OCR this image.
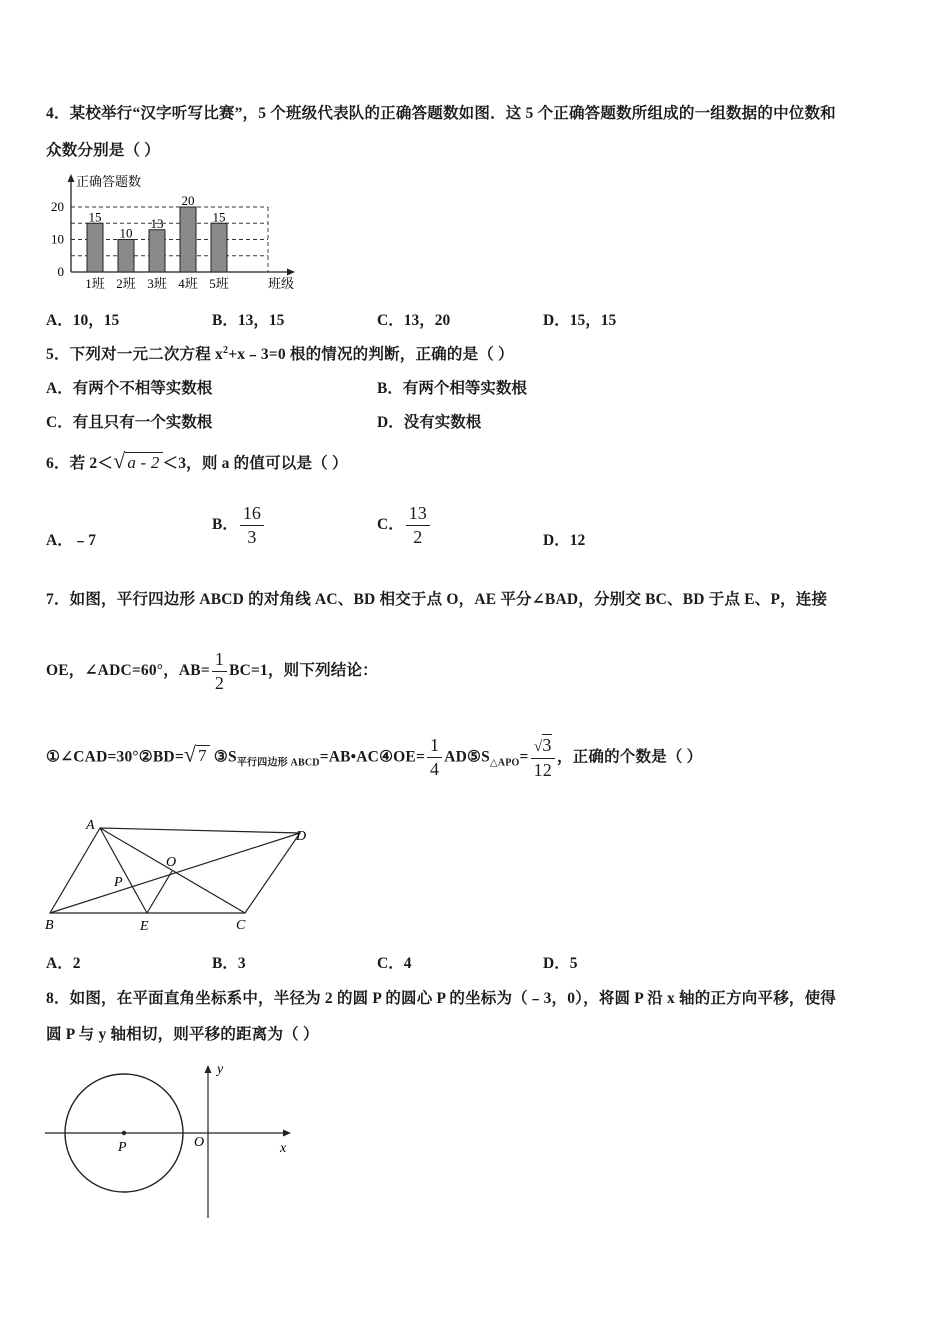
4．某校举行“汉字听写比赛”，5 个班级代表队的正确答题数如图．这 5 个正确答题数所组成的一组数据的中位数和
众数分别是（ ）
15
10
13
20
15
1班 2班 3班 4班 5班
0
10
20
正确答题数
班级
A．10，15	B．13，15	C．13，20	D．15，15
5．下列对一元二次方程 $x^2+x﹣3=0$ 根的情况的判断，正确的是（ ）
A．有两个不相等实数根	B．有两个相等实数根
C．有且只有一个实数根	D．没有实数根
6．若 2＜√ a - 2 ＜3，则 a 的值可以是（ ）
A．﹣7
B． $\frac{16}{3}$	C． $\frac{13}{2}$	D．12
7．如图，平行四边形 ABCD 的对角线 AC、BD 相交于点 O，AE 平分∠BAD，分别交 BC、BD 于点 E、P，连接
OE，∠ADC=60°，$AB= \frac{1}{2} BC=1$，则下列结论：
①∠CAD=30°②BD=√ 7 $③S_{平行四边形 ABCD}=AB•AC④OE= \frac{1}{4}$ $AD⑤S_{\triangle APO}= \frac{√3}{12}$ ，正确的个数是（ ）
A
D
B	E	C
O
P
A．2	B．3	C．4	D．5
8．如图，在平面直角坐标系中，半径为 2 的圆 P 的圆心 P 的坐标为（﹣3，0），将圆 P 沿 x 轴的正方向平移，使得
圆 P 与 y 轴相切，则平移的距离为（ ）
P	O	x
y
